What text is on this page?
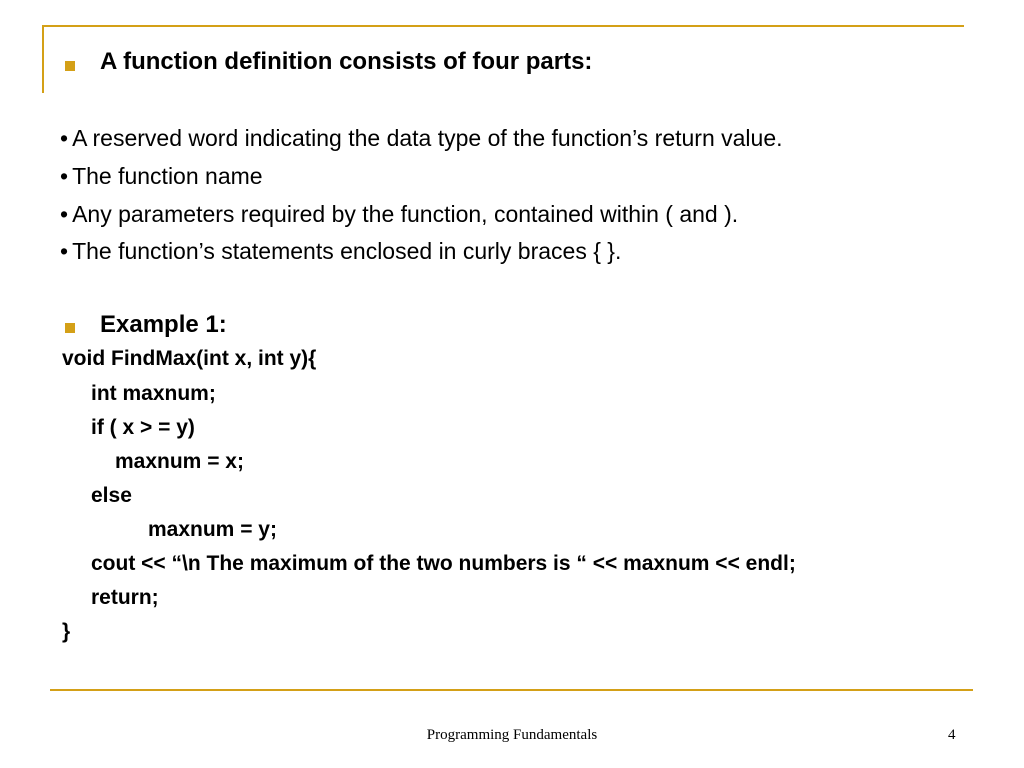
A function definition consists of four parts:
• A reserved word indicating the data type of the function’s return value.
• The function name
• Any parameters required by the function, contained within ( and ).
• The function’s statements enclosed in curly braces { }.
Example 1:
void FindMax(int x, int y){
int maxnum;
if ( x > = y)
maxnum = x;
else
maxnum = y;
cout << “\n The maximum of the two numbers is “ << maxnum << endl;
return;
}
Programming Fundamentals	4
